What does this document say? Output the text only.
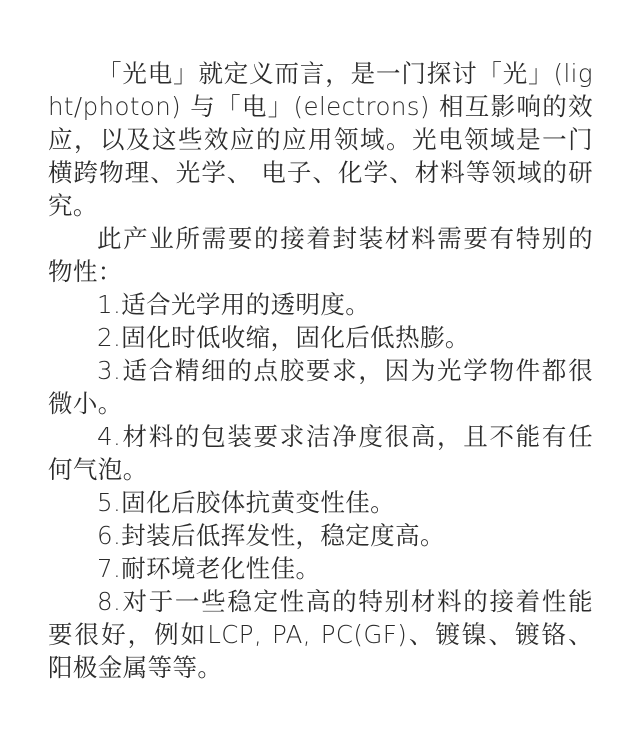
「光电」就定义而言，是一门探讨「光」(light/photon) 与「电」(electrons) 相互影响的效应，以及这些效应的应用领域。光电领域是一门横跨物理、光学、 电子、化学、材料等领域的研究。

此产业所需要的接着封装材料需要有特别的物性：

1.适合光学用的透明度。

2.固化时低收缩，固化后低热膨。

3.适合精细的点胶要求，因为光学物件都很微小。

4.材料的包装要求洁净度很高，且不能有任何气泡。

5.固化后胶体抗黄变性佳。

6.封装后低挥发性，稳定度高。

7.耐环境老化性佳。

8.对于一些稳定性高的特别材料的接着性能要很好，例如LCP, PA, PC(GF)、镀镍、镀铬、阳极金属等等。
